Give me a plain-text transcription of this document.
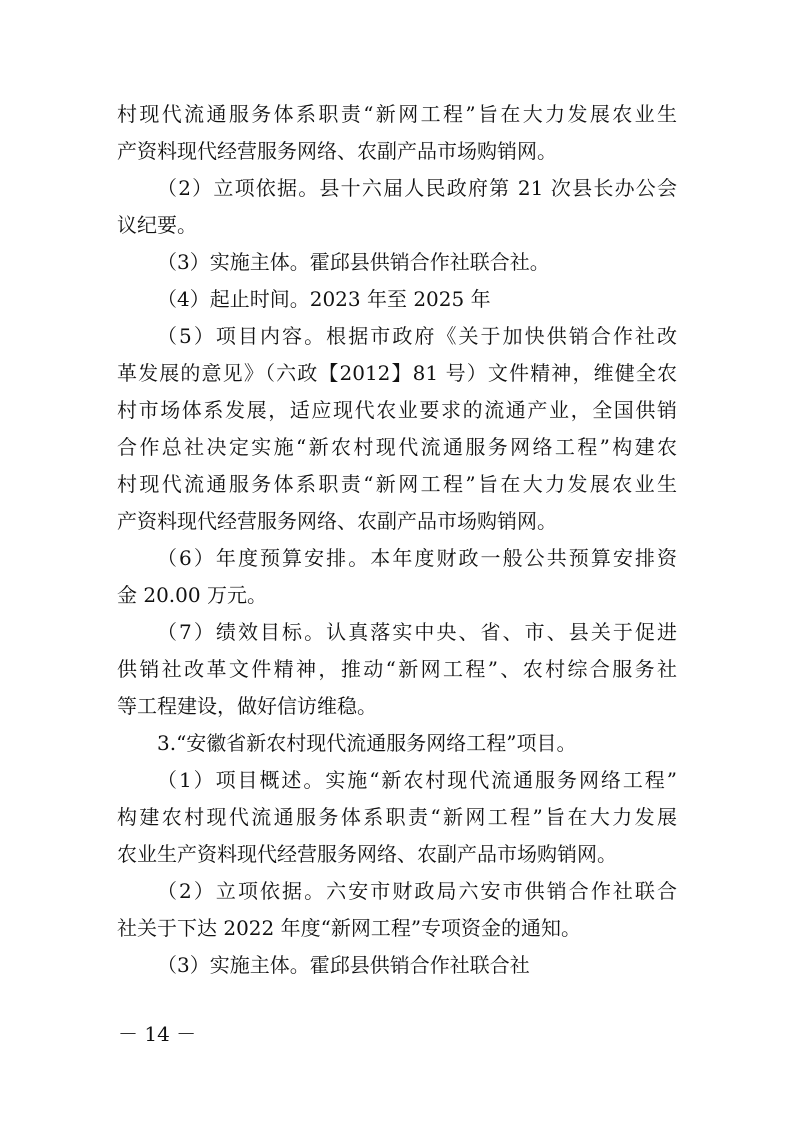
村现代流通服务体系职责“新网工程”旨在大力发展农业生
产资料现代经营服务网络、农副产品市场购销网。
（2）立项依据。县十六届人民政府第 21 次县长办公会
议纪要。
（3）实施主体。霍邱县供销合作社联合社。
（4）起止时间。2023 年至 2025 年
（5）项目内容。根据市政府《关于加快供销合作社改
革发展的意见》（六政【2012】81 号）文件精神，维健全农
村市场体系发展，适应现代农业要求的流通产业，全国供销
合作总社决定实施“新农村现代流通服务网络工程”构建农
村现代流通服务体系职责“新网工程”旨在大力发展农业生
产资料现代经营服务网络、农副产品市场购销网。
（6）年度预算安排。本年度财政一般公共预算安排资
金 20.00 万元。
（7）绩效目标。认真落实中央、省、市、县关于促进
供销社改革文件精神，推动“新网工程”、农村综合服务社
等工程建设，做好信访维稳。
3.“安徽省新农村现代流通服务网络工程”项目。
（1）项目概述。实施“新农村现代流通服务网络工程”
构建农村现代流通服务体系职责“新网工程”旨在大力发展
农业生产资料现代经营服务网络、农副产品市场购销网。
（2）立项依据。六安市财政局六安市供销合作社联合
社关于下达 2022 年度“新网工程”专项资金的通知。
（3）实施主体。霍邱县供销合作社联合社
－ 14 －
